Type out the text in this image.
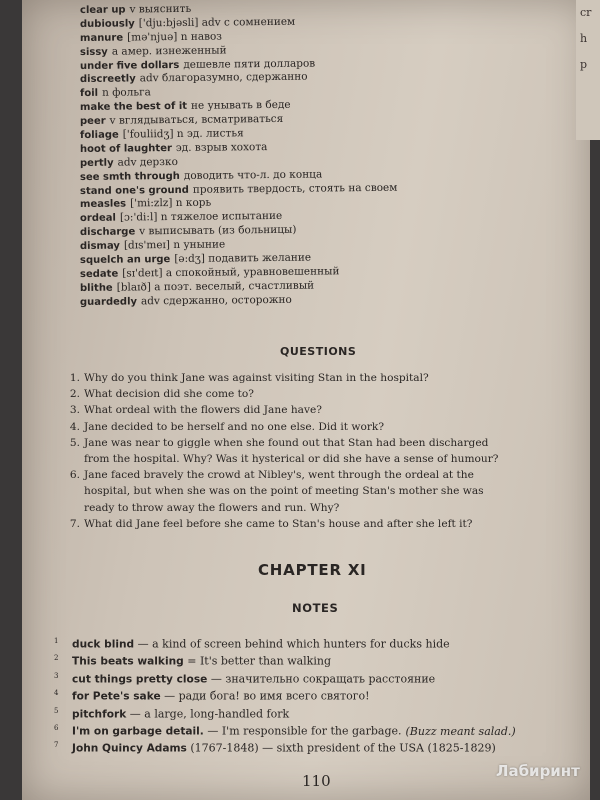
clear up v выяснить
dubiously ['dju:bjəsli] adv с сомнением
manure [mə'njuə] n навоз
sissy a амер. изнеженный
under five dollars дешевле пяти долларов
discreetly adv благоразумно, сдержанно
foil n фольга
make the best of it не унывать в беде
peer v вглядываться, всматриваться
foliage ['fouliidʒ] n эд. листья
hoot of laughter эд. взрыв хохота
pertly adv дерзко
see smth through доводить что-л. до конца
stand one's ground проявить твердость, стоять на своем
measles ['mi:zlz] n корь
ordeal [ɔ:'di:l] n тяжелое испытание
discharge v выписывать (из больницы)
dismay [dɪs'meɪ] n уныние
squelch an urge [ə:dʒ] подавить желание
sedate [sɪ'deɪt] a спокойный, уравновешенный
blithe [blaɪð] a поэт. веселый, счастливый
guardedly adv сдержанно, осторожно
QUESTIONS
1. Why do you think Jane was against visiting Stan in the hospital?
2. What decision did she come to?
3. What ordeal with the flowers did Jane have?
4. Jane decided to be herself and no one else. Did it work?
5. Jane was near to giggle when she found out that Stan had been discharged
from the hospital. Why? Was it hysterical or did she have a sense of humour?
6. Jane faced bravely the crowd at Nibley's, went through the ordeal at the
hospital, but when she was on the point of meeting Stan's mother she was
ready to throw away the flowers and run. Why?
7. What did Jane feel before she came to Stan's house and after she left it?
CHAPTER XI
NOTES
1 duck blind — a kind of screen behind which hunters for ducks hide
2 This beats walking = It's better than walking
3 cut things pretty close — значительно сокращать расстояние
4 for Pete's sake — ради бога! во имя всего святого!
5 pitchfork — a large, long-handled fork
6 I'm on garbage detail. — I'm responsible for the garbage. (Buzz meant salad.)
7 John Quincy Adams (1767-1848) — sixth president of the USA (1825-1829)
110
Лабиринт
cr
h
p
